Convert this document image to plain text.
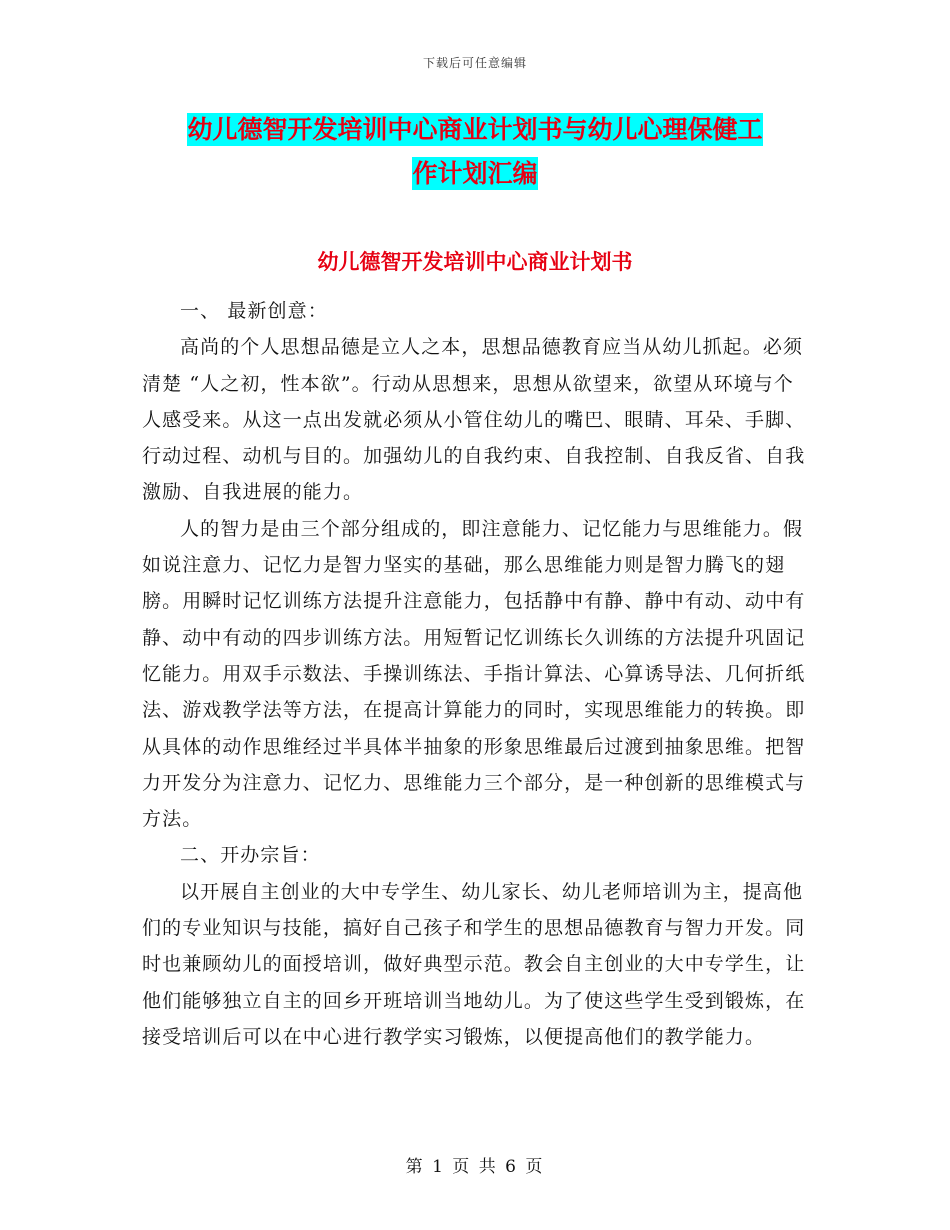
下载后可任意编辑
幼儿德智开发培训中心商业计划书与幼儿心理保健工
作计划汇编
幼儿德智开发培训中心商业计划书

一、 最新创意：

高尚的个人思想品德是立人之本，思想品德教育应当从幼儿抓起。必须清楚 “人之初，性本欲”。行动从思想来，思想从欲望来，欲望从环境与个人感受来。从这一点出发就必须从小管住幼儿的嘴巴、眼睛、耳朵、手脚、行动过程、动机与目的。加强幼儿的自我约束、自我控制、自我反省、自我激励、自我进展的能力。

人的智力是由三个部分组成的，即注意能力、记忆能力与思维能力。假如说注意力、记忆力是智力坚实的基础，那么思维能力则是智力腾飞的翅膀。用瞬时记忆训练方法提升注意能力，包括静中有静、静中有动、动中有静、动中有动的四步训练方法。用短暂记忆训练长久训练的方法提升巩固记忆能力。用双手示数法、手操训练法、手指计算法、心算诱导法、几何折纸法、游戏教学法等方法，在提高计算能力的同时，实现思维能力的转换。即从具体的动作思维经过半具体半抽象的形象思维最后过渡到抽象思维。把智力开发分为注意力、记忆力、思维能力三个部分，是一种创新的思维模式与方法。

二、开办宗旨：

以开展自主创业的大中专学生、幼儿家长、幼儿老师培训为主，提高他们的专业知识与技能，搞好自己孩子和学生的思想品德教育与智力开发。同时也兼顾幼儿的面授培训，做好典型示范。教会自主创业的大中专学生，让他们能够独立自主的回乡开班培训当地幼儿。为了使这些学生受到锻炼，在接受培训后可以在中心进行教学实习锻炼，以便提高他们的教学能力。

第 1 页 共 6 页
